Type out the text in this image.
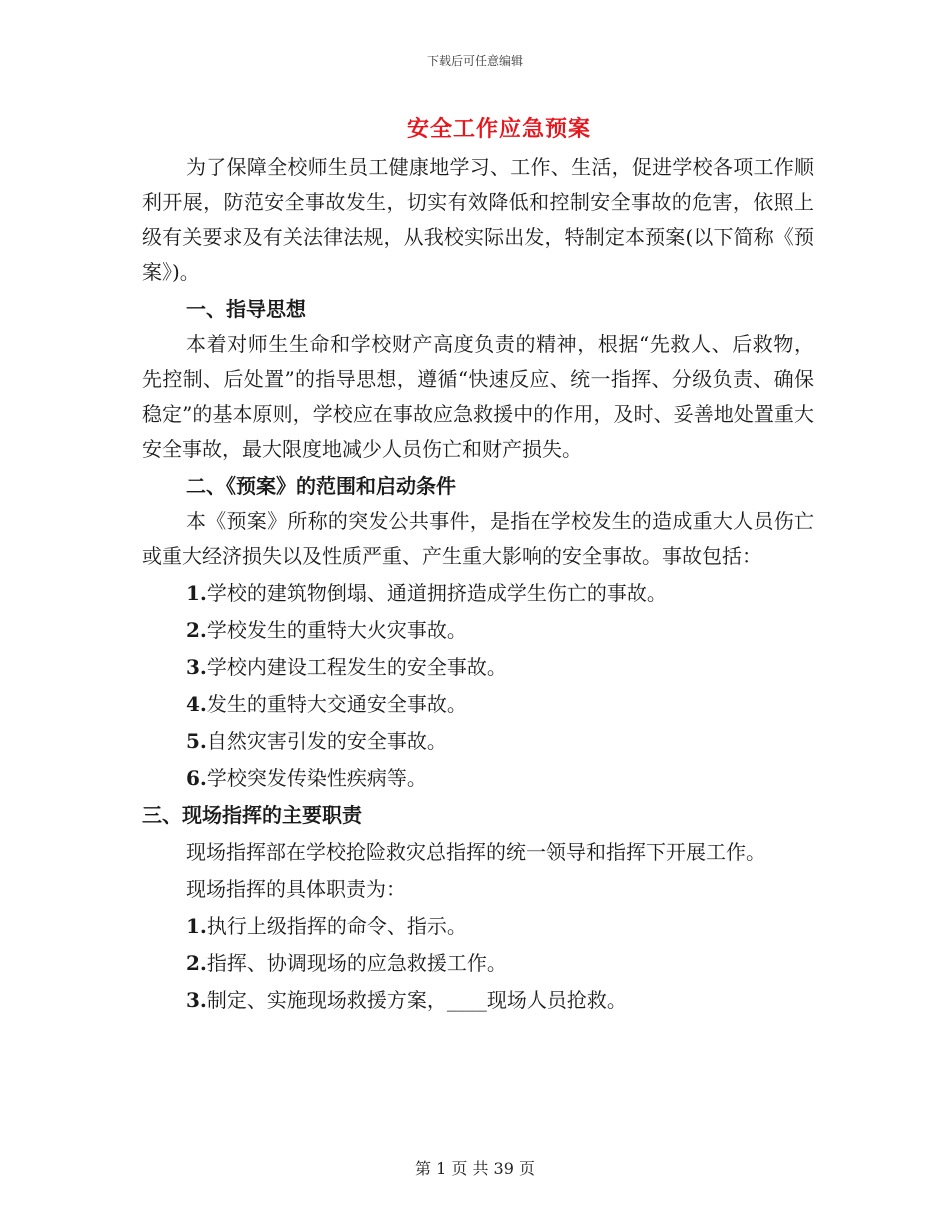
下载后可任意编辑
安全工作应急预案

为了保障全校师生员工健康地学习、工作、生活，促进学校各项工作顺利开展，防范安全事故发生，切实有效降低和控制安全事故的危害，依照上级有关要求及有关法律法规，从我校实际出发，特制定本预案(以下简称《预案》)。

一、指导思想

本着对师生生命和学校财产高度负责的精神，根据“先救人、后救物，先控制、后处置”的指导思想，遵循“快速反应、统一指挥、分级负责、确保稳定”的基本原则，学校应在事故应急救援中的作用，及时、妥善地处置重大安全事故，最大限度地减少人员伤亡和财产损失。

二、《预案》的范围和启动条件

本《预案》所称的突发公共事件，是指在学校发生的造成重大人员伤亡或重大经济损失以及性质严重、产生重大影响的安全事故。事故包括：

1.学校的建筑物倒塌、通道拥挤造成学生伤亡的事故。

2.学校发生的重特大火灾事故。

3.学校内建设工程发生的安全事故。

4.发生的重特大交通安全事故。

5.自然灾害引发的安全事故。

6.学校突发传染性疾病等。

三、现场指挥的主要职责

现场指挥部在学校抢险救灾总指挥的统一领导和指挥下开展工作。

现场指挥的具体职责为：

1.执行上级指挥的命令、指示。

2.指挥、协调现场的应急救援工作。

3.制定、实施现场救援方案，____现场人员抢救。

第 1 页 共 39 页
